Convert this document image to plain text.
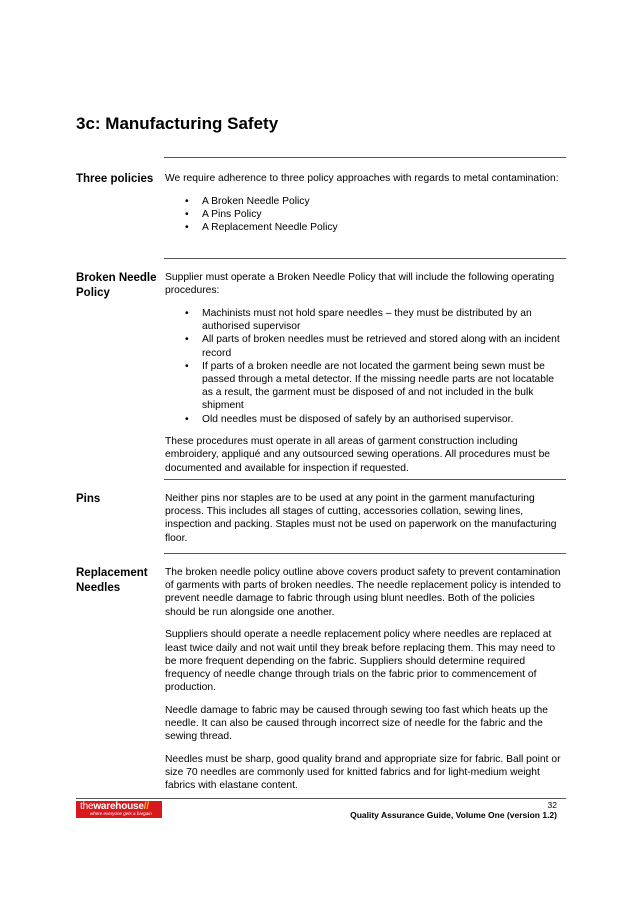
3c: Manufacturing Safety
Three policies	We require adherence to three policy approaches with regards to metal contamination:

• A Broken Needle Policy
• A Pins Policy
• A Replacement Needle Policy
Broken Needle Policy

Supplier must operate a Broken Needle Policy that will include the following operating procedures:

• Machinists must not hold spare needles – they must be distributed by an authorised supervisor
• All parts of broken needles must be retrieved and stored along with an incident record
• If parts of a broken needle are not located the garment being sewn must be passed through a metal detector. If the missing needle parts are not locatable as a result, the garment must be disposed of and not included in the bulk shipment
• Old needles must be disposed of safely by an authorised supervisor.

These procedures must operate in all areas of garment construction including embroidery, appliqué and any outsourced sewing operations. All procedures must be documented and available for inspection if requested.

Pins	Neither pins nor staples are to be used at any point in the garment manufacturing process. This includes all stages of cutting, accessories collation, sewing lines, inspection and packing. Staples must not be used on paperwork on the manufacturing floor.

Replacement Needles

The broken needle policy outline above covers product safety to prevent contamination of garments with parts of broken needles. The needle replacement policy is intended to prevent needle damage to fabric through using blunt needles. Both of the policies should be run alongside one another.

Suppliers should operate a needle replacement policy where needles are replaced at least twice daily and not wait until they break before replacing them. This may need to be more frequent depending on the fabric. Suppliers should determine required frequency of needle change through trials on the fabric prior to commencement of production.

Needle damage to fabric may be caused through sewing too fast which heats up the needle. It can also be caused through incorrect size of needle for the fabric and the sewing thread.

Needles must be sharp, good quality brand and appropriate size for fabric. Ball point or size 70 needles are commonly used for knitted fabrics and for light-medium weight fabrics with elastane content.

thewarehouse//
where everyone gets a bargain
32
Quality Assurance Guide, Volume One (version 1.2)
